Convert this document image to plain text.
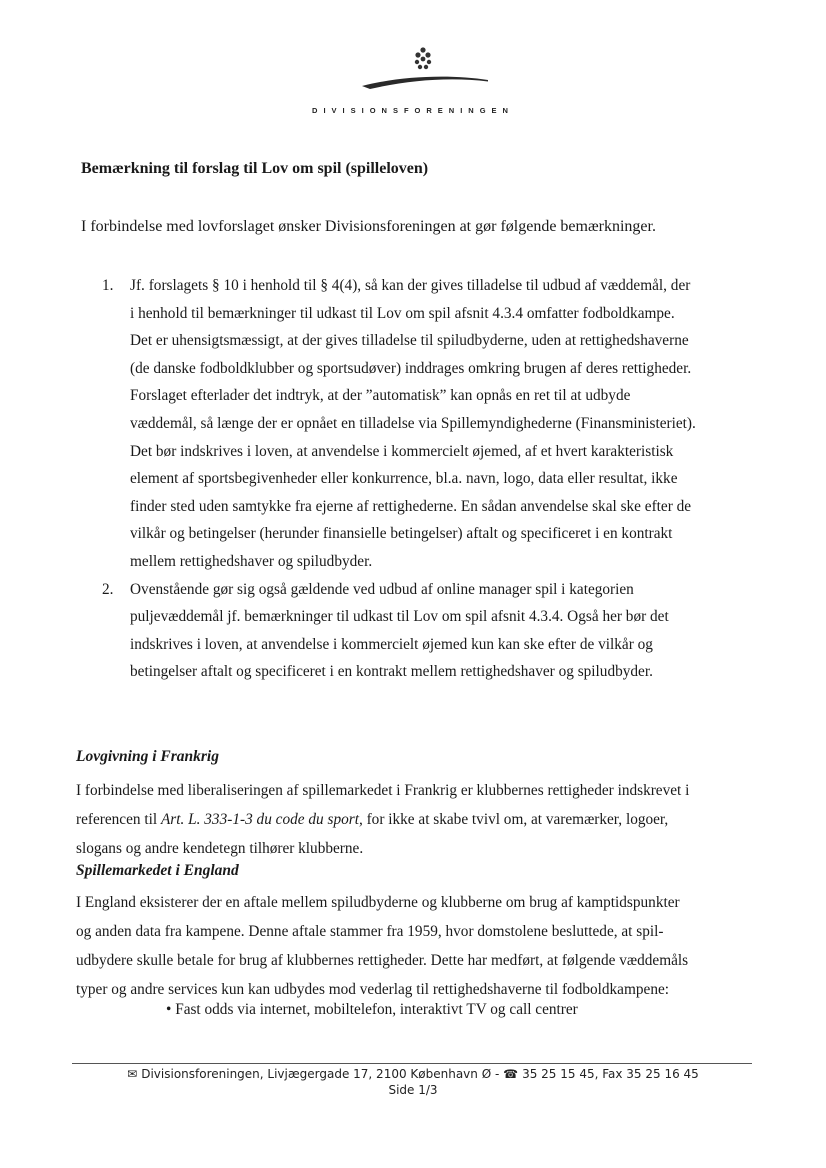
DIVISIONSFORENINGEN
Bemærkning til forslag til Lov om spil (spilleloven)
I forbindelse med lovforslaget ønsker Divisionsforeningen at gør følgende bemærkninger.
1. Jf. forslagets § 10 i henhold til § 4(4), så kan der gives tilladelse til udbud af væddemål, der
i henhold til bemærkninger til udkast til Lov om spil afsnit 4.3.4 omfatter fodboldkampe.
Det er uhensigtsmæssigt, at der gives tilladelse til spiludbyderne, uden at rettighedshaverne
(de danske fodboldklubber og sportsudøver) inddrages omkring brugen af deres rettigheder.
Forslaget efterlader det indtryk, at der ”automatisk” kan opnås en ret til at udbyde
væddemål, så længe der er opnået en tilladelse via Spillemyndighederne (Finansministeriet).
Det bør indskrives i loven, at anvendelse i kommercielt øjemed, af et hvert karakteristisk
element af sportsbegivenheder eller konkurrence, bl.a. navn, logo, data eller resultat, ikke
finder sted uden samtykke fra ejerne af rettighederne. En sådan anvendelse skal ske efter de
vilkår og betingelser (herunder finansielle betingelser) aftalt og specificeret i en kontrakt
mellem rettighedshaver og spiludbyder.
2. Ovenstående gør sig også gældende ved udbud af online manager spil i kategorien
puljevæddemål jf. bemærkninger til udkast til Lov om spil afsnit 4.3.4. Også her bør det
indskrives i loven, at anvendelse i kommercielt øjemed kun kan ske efter de vilkår og
betingelser aftalt og specificeret i en kontrakt mellem rettighedshaver og spiludbyder.
Lovgivning i Frankrig
I forbindelse med liberaliseringen af spillemarkedet i Frankrig er klubbernes rettigheder indskrevet i
referencen til Art. L. 333-1-3 du code du sport, for ikke at skabe tvivl om, at varemærker, logoer,
slogans og andre kendetegn tilhører klubberne.
Spillemarkedet i England
I England eksisterer der en aftale mellem spiludbyderne og klubberne om brug af kamptidspunkter
og anden data fra kampene. Denne aftale stammer fra 1959, hvor domstolene besluttede, at spil-
udbydere skulle betale for brug af klubbernes rettigheder. Dette har medført, at følgende væddemåls
typer og andre services kun kan udbydes mod vederlag til rettighedshaverne til fodboldkampene:
• Fast odds via internet, mobiltelefon, interaktivt TV og call centrer
✉ Divisionsforeningen, Livjægergade 17, 2100 København Ø - ☎ 35 25 15 45, Fax 35 25 16 45
Side 1/3
